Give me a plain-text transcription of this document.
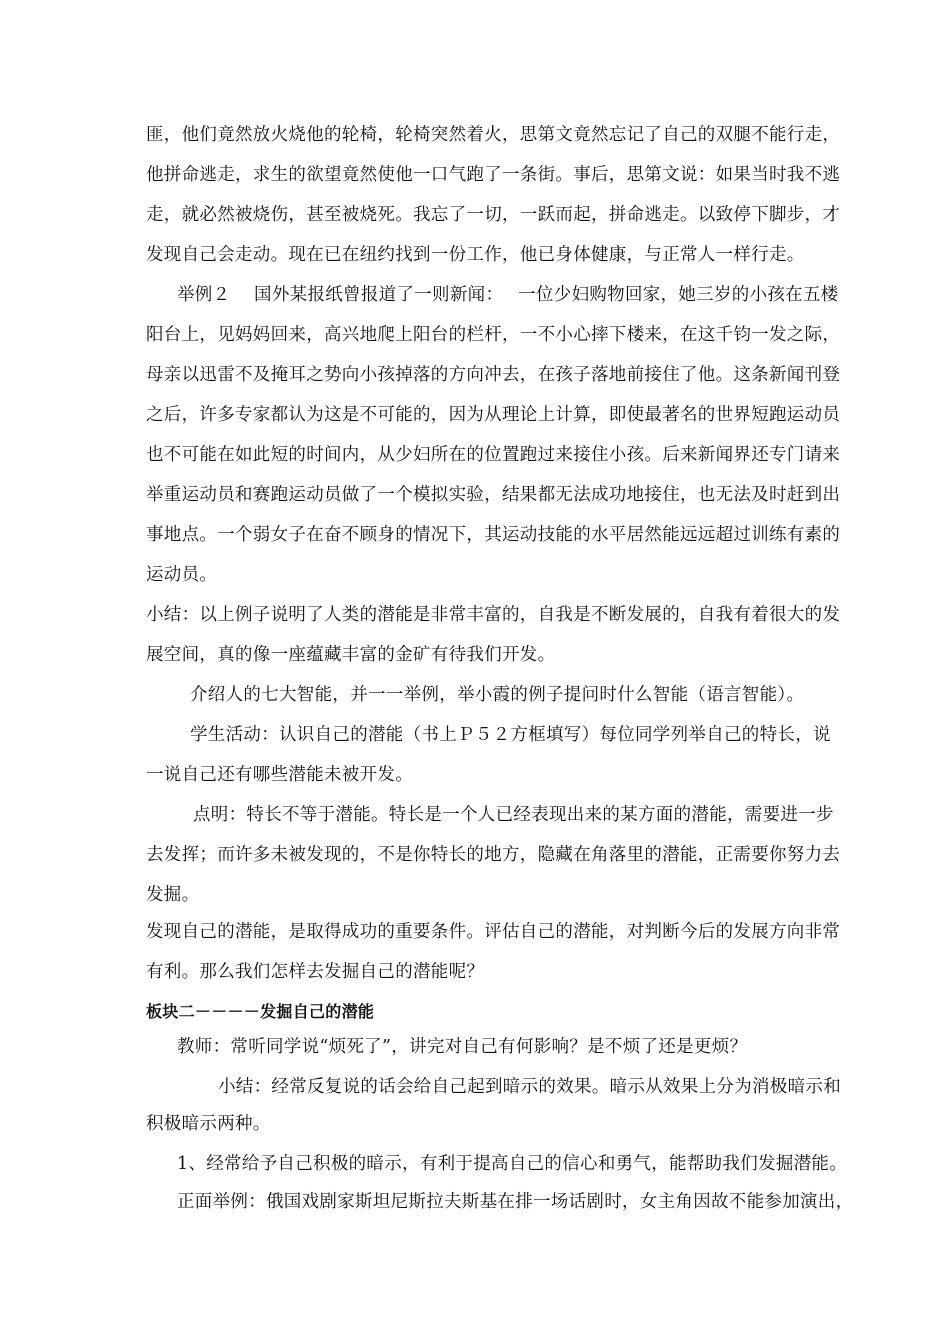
匪，他们竟然放火烧他的轮椅，轮椅突然着火，思第文竟然忘记了自己的双腿不能行走，
他拼命逃走，求生的欲望竟然使他一口气跑了一条街。事后，思第文说：如果当时我不逃
走，就必然被烧伤，甚至被烧死。我忘了一切，一跃而起，拼命逃走。以致停下脚步，才
发现自己会走动。现在已在纽约找到一份工作，他已身体健康，与正常人一样行走。
举例２　 国外某报纸曾报道了一则新闻：　 一位少妇购物回家，她三岁的小孩在五楼
阳台上，见妈妈回来，高兴地爬上阳台的栏杆，一不小心摔下楼来，在这千钧一发之际，
母亲以迅雷不及掩耳之势向小孩掉落的方向冲去，在孩子落地前接住了他。这条新闻刊登
之后，许多专家都认为这是不可能的，因为从理论上计算，即使最著名的世界短跑运动员
也不可能在如此短的时间内，从少妇所在的位置跑过来接住小孩。后来新闻界还专门请来
举重运动员和赛跑运动员做了一个模拟实验，结果都无法成功地接住，也无法及时赶到出
事地点。一个弱女子在奋不顾身的情况下，其运动技能的水平居然能远远超过训练有素的
运动员。
小结：以上例子说明了人类的潜能是非常丰富的，自我是不断发展的，自我有着很大的发
展空间，真的像一座蕴藏丰富的金矿有待我们开发。
介绍人的七大智能，并一一举例，举小霞的例子提问时什么智能（语言智能）。
学生活动：认识自己的潜能（书上Ｐ５２方框填写）每位同学列举自己的特长，说
一说自己还有哪些潜能未被开发。
点明：特长不等于潜能。特长是一个人已经表现出来的某方面的潜能，需要进一步
去发挥；而许多未被发现的，不是你特长的地方，隐藏在角落里的潜能，正需要你努力去
发掘。
发现自己的潜能，是取得成功的重要条件。评估自己的潜能，对判断今后的发展方向非常
有利。那么我们怎样去发掘自己的潜能呢？
板块二－－－－发掘自己的潜能
教师：常听同学说“烦死了”，讲完对自己有何影响？是不烦了还是更烦？
小结：经常反复说的话会给自己起到暗示的效果。暗示从效果上分为消极暗示和
积极暗示两种。
1、经常给予自己积极的暗示，有利于提高自己的信心和勇气，能帮助我们发掘潜能。
正面举例：俄国戏剧家斯坦尼斯拉夫斯基在排一场话剧时，女主角因故不能参加演出，
